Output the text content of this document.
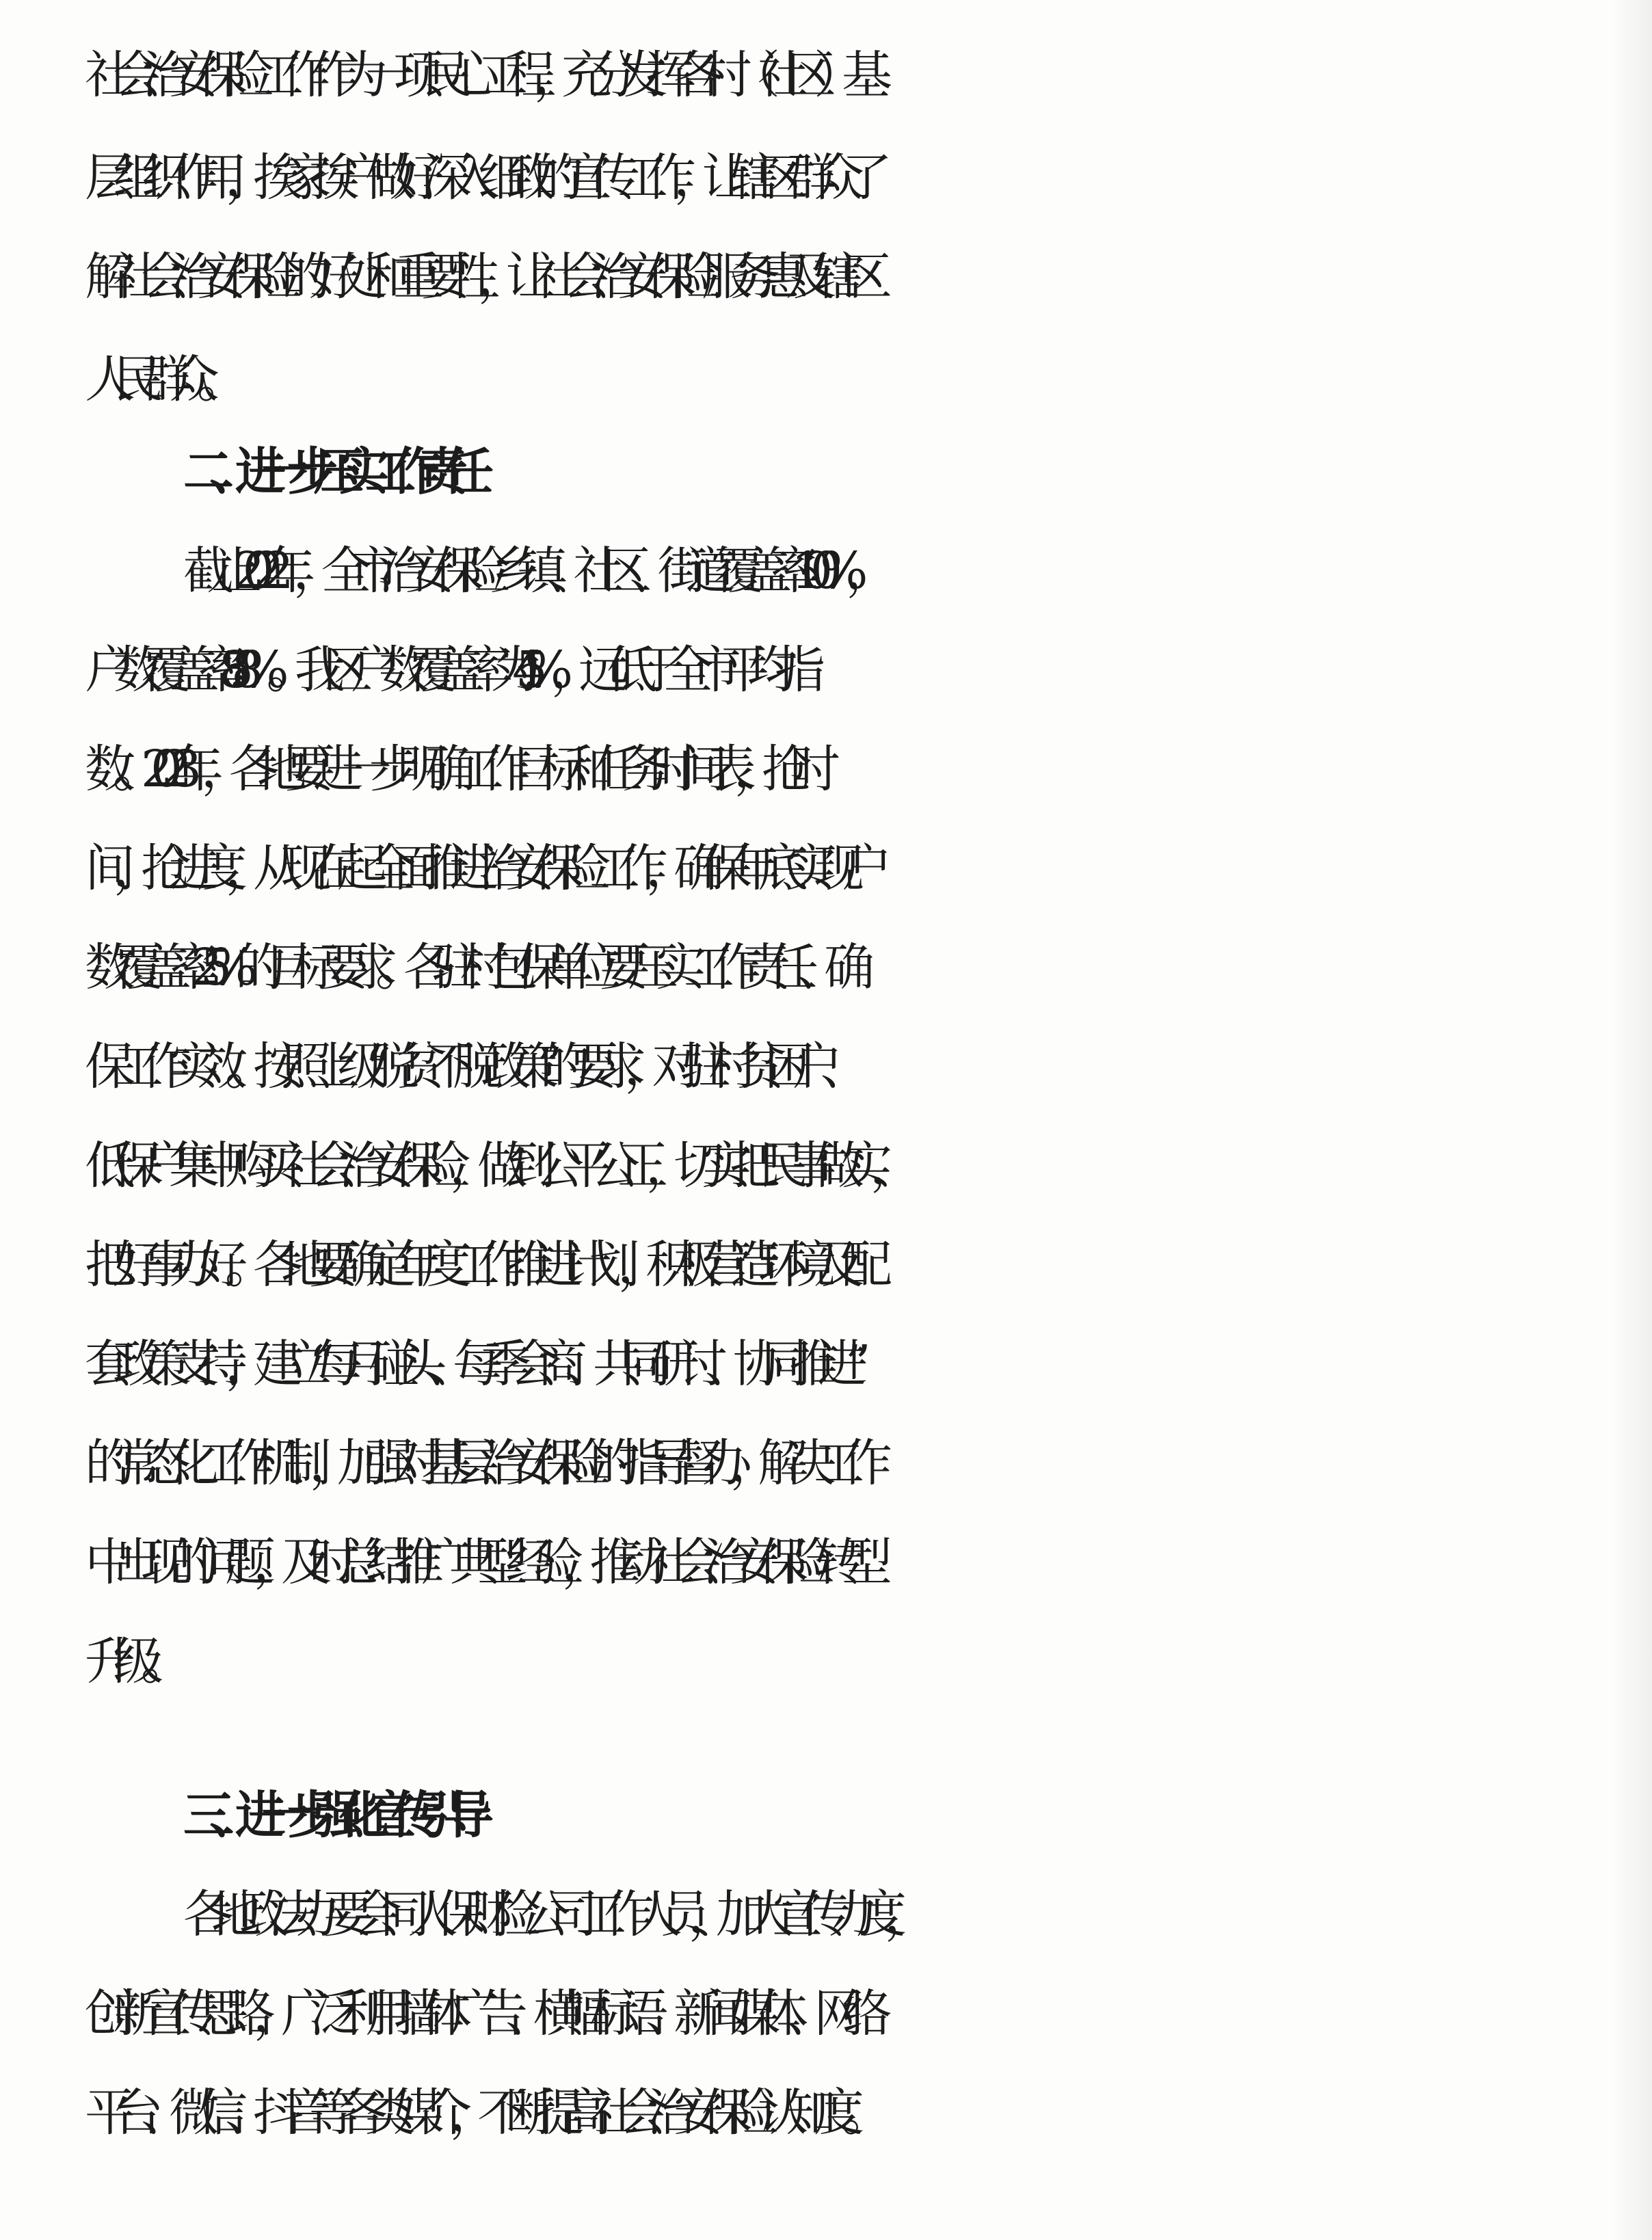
社会治安保险工作作为一项民心工程，充分发挥各村（社区）基
层组织作用，挨家挨户做好深入细致的宣传工作，让辖区群众了
解社会治安保险的好处和重要性，让社会治安保险服务惠及辖区
人民群众。
二、进一步压实工作责任
截止 2022 年，全市治安保险乡镇、社区、街道覆盖率 100%，
户数覆盖率 8.58%。我区户数覆盖率为 4.5%，远低于全市平均指
数。2023 年，各地要进一步明确工作目标和任务时间表，抢时
间，抢进度，从现在起全面推进治安保险工作，确保年底实现户
数覆盖率 25%的目标要求。各驻村包保单位要压实工作责任、确
保工作实效。按照上级“脱贫不脱政策”的要求，对驻村贫困户、
低保户集中购买社会治安保险，做到公平公正，切实把民事做实，
把好事办好。各地要确定年度工作推进计划，积极营造环境及配
套政策支持，建立“每月碰头、每季会商、共同研讨、协同推进”
的常态化工作机制，加强对基层治安保险的指导督办，解决工作
中出现的问题，及时总结推广典型经验，推动社会治安保险转型
升级。
三、进一步强化宣传引导
各地政法办要会同人保财险公司工作人员，加大宣传力度，
创新宣传思路，广泛利用墙体广告、横幅标语、新闻媒体、网络
平台、微信、抖音等各类媒介，不断提高社会治安保险认知度。
